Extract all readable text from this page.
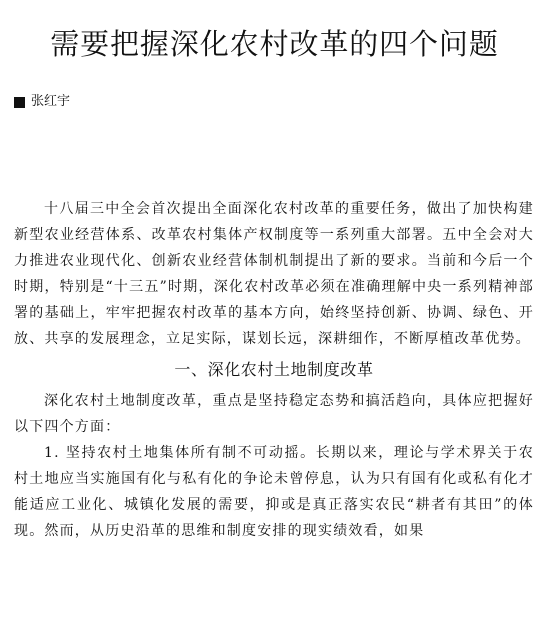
需要把握深化农村改革的四个问题
张红宇

十八届三中全会首次提出全面深化农村改革的重要任务，做出了加快构建新型农业经营体系、改革农村集体产权制度等一系列重大部署。五中全会对大力推进农业现代化、创新农业经营体制机制提出了新的要求。当前和今后一个时期，特别是“十三五”时期，深化农村改革必须在准确理解中央一系列精神部署的基础上，牢牢把握农村改革的基本方向，始终坚持创新、协调、绿色、开放、共享的发展理念，立足实际，谋划长远，深耕细作，不断厚植改革优势。

一、深化农村土地制度改革

深化农村土地制度改革，重点是坚持稳定态势和搞活趋向，具体应把握好以下四个方面：

1. 坚持农村土地集体所有制不可动摇。长期以来，理论与学术界关于农村土地应当实施国有化与私有化的争论未曾停息，认为只有国有化或私有化才能适应工业化、城镇化发展的需要，抑或是真正落实农民“耕者有其田”的体现。然而，从历史沿革的思维和制度安排的现实绩效看，如果
